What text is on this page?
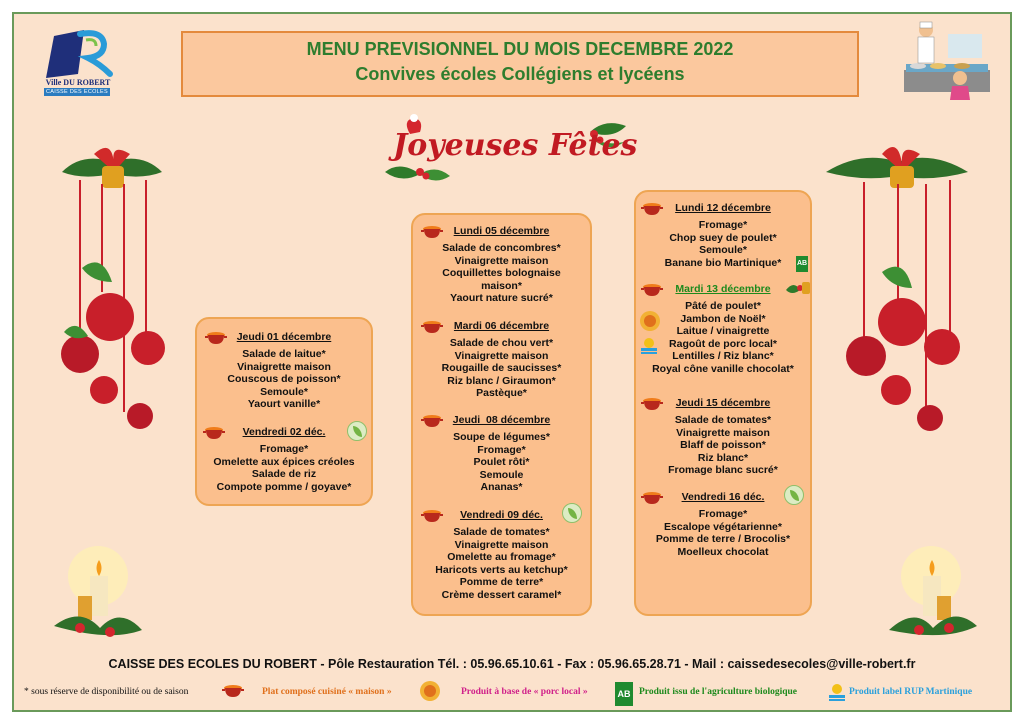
Ville DU ROBERT
CAISSE DES ECOLES
MENU PREVISIONNEL DU MOIS DECEMBRE 2022
Convives écoles Collégiens et lycéens
Joyeuses Fêtes
Jeudi 01 décembre
Salade de laitue*
Vinaigrette maison
Couscous de poisson*
Semoule*
Yaourt vanille*
Vendredi 02 déc.
Fromage*
Omelette aux épices créoles
Salade de riz
Compote pomme / goyave*
Lundi 05 décembre
Salade de concombres*
Vinaigrette maison
Coquillettes bolognaise
maison*
Yaourt nature sucré*
Mardi 06 décembre
Salade de chou vert*
Vinaigrette maison
Rougaille de saucisses*
Riz blanc / Giraumon*
Pastèque*
Jeudi  08 décembre
Soupe de légumes*
Fromage*
Poulet rôti*
Semoule
Ananas*
Vendredi 09 déc.
Salade de tomates*
Vinaigrette maison
Omelette au fromage*
Haricots verts au ketchup*
Pomme de terre*
Crème dessert caramel*
Lundi 12 décembre
Fromage*
Chop suey de poulet*
Semoule*
Banane bio Martinique*	AB
Mardi 13 décembre
Pâté de poulet*
Jambon de Noël*
Laitue / vinaigrette
Ragoût de porc local*
Lentilles / Riz blanc*
Royal cône vanille chocolat*
Jeudi 15 décembre
Salade de tomates*
Vinaigrette maison
Blaff de poisson*
Riz blanc*
Fromage blanc sucré*
Vendredi 16 déc.
Fromage*
Escalope végétarienne*
Pomme de terre / Brocolis*
Moelleux chocolat
CAISSE DES ECOLES DU ROBERT - Pôle Restauration Tél. : 05.96.65.10.61 - Fax : 05.96.65.28.71 - Mail : caissedesecoles@ville-robert.fr
* sous réserve de disponibilité ou de saison	Plat composé cuisiné « maison »	Produit à base de « porc local »	AB Produit issu de l'agriculture biologique	Produit label RUP Martinique
